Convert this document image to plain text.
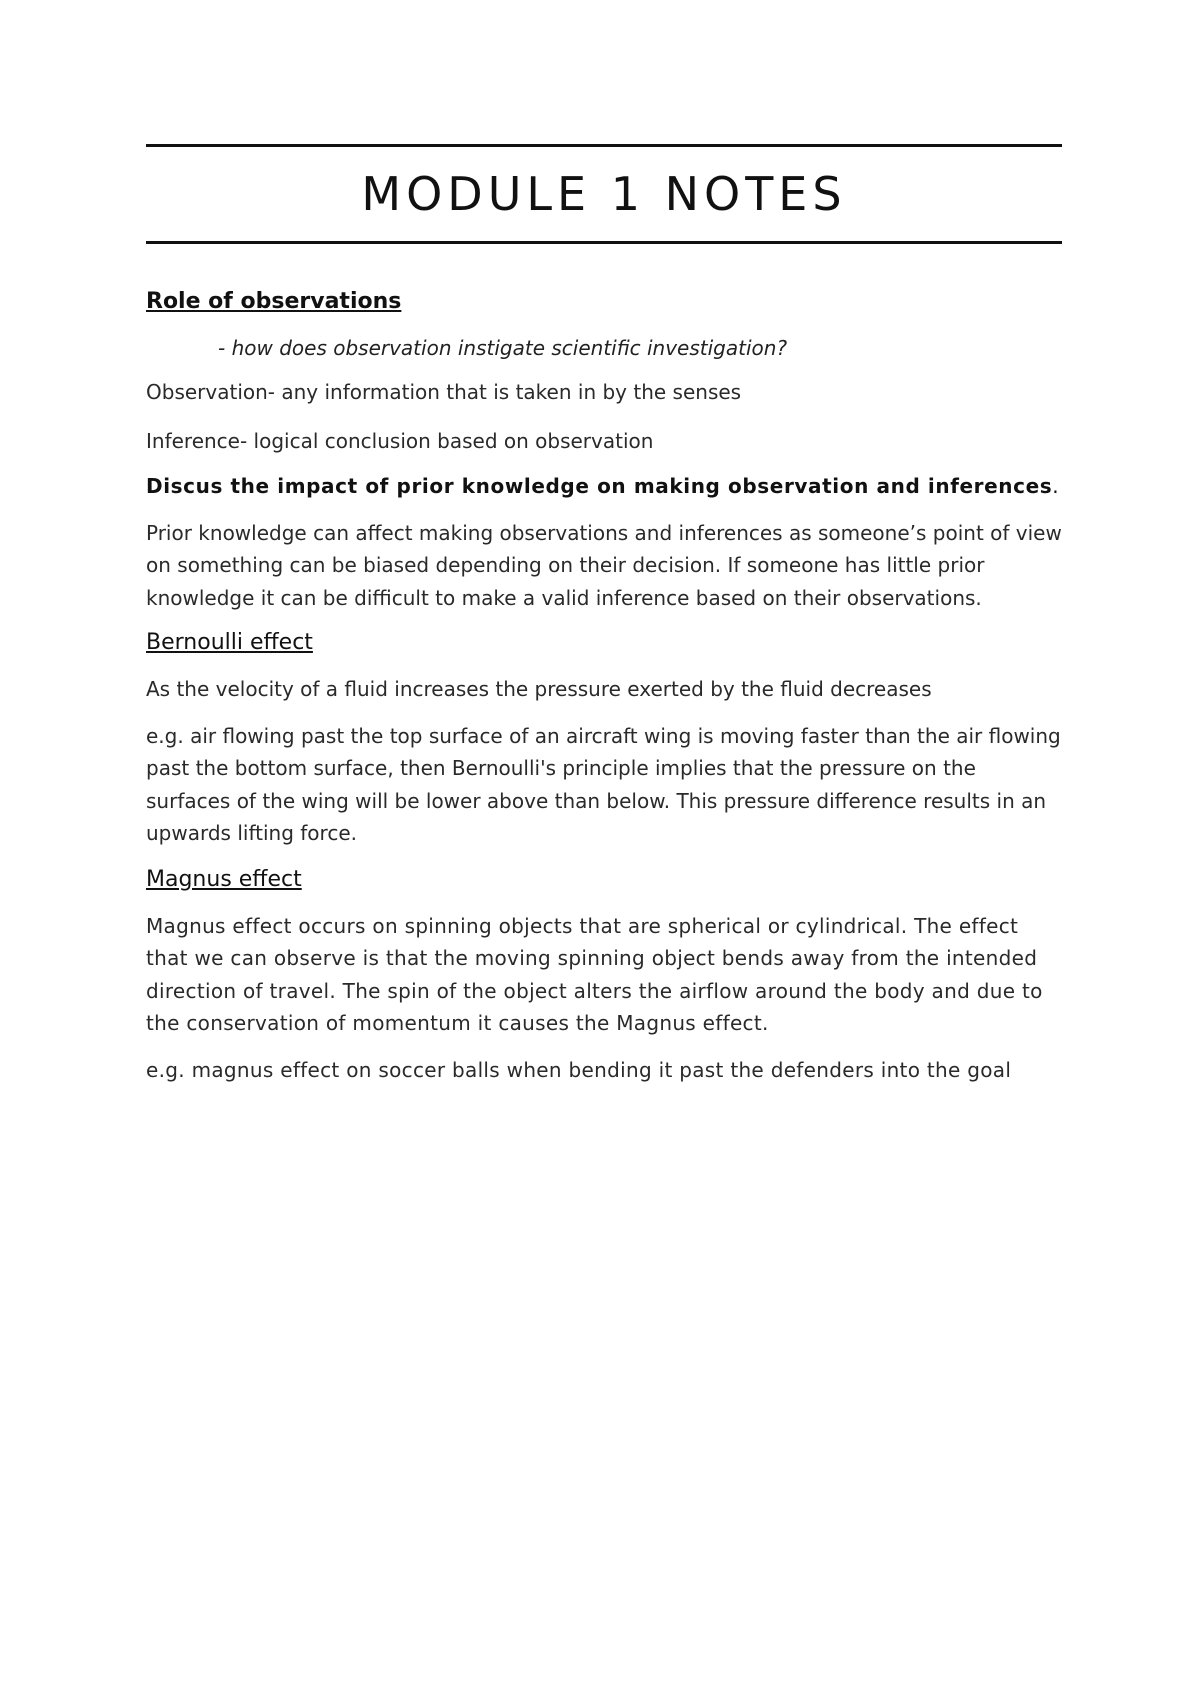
MODULE 1 NOTES
Role of observations

- how does observation instigate scientific investigation?

Observation- any information that is taken in by the senses

Inference- logical conclusion based on observation

Discus the impact of prior knowledge on making observation and inferences.

Prior knowledge can affect making observations and inferences as someone’s point of view on something can be biased depending on their decision. If someone has little prior knowledge it can be difficult to make a valid inference based on their observations.

Bernoulli effect

As the velocity of a fluid increases the pressure exerted by the fluid decreases

e.g. air flowing past the top surface of an aircraft wing is moving faster than the air flowing past the bottom surface, then Bernoulli's principle implies that the pressure on the surfaces of the wing will be lower above than below. This pressure difference results in an upwards lifting force.

Magnus effect

Magnus effect occurs on spinning objects that are spherical or cylindrical. The effect that we can observe is that the moving spinning object bends away from the intended direction of travel. The spin of the object alters the airflow around the body and due to the conservation of momentum it causes the Magnus effect.

e.g. magnus effect on soccer balls when bending it past the defenders into the goal
